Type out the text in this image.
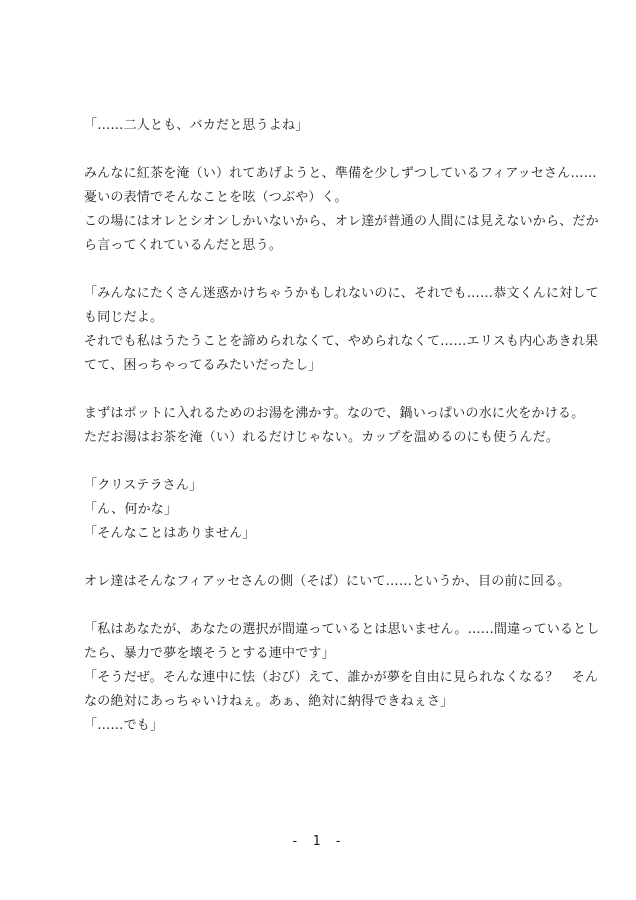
「……二人とも、バカだと思うよね」
みんなに紅茶を淹（い）れてあげようと、準備を少しずつしているフィアッセさん……
憂いの表情でそんなことを呟（つぶや）く。
この場にはオレとシオンしかいないから、オレ達が普通の人間には見えないから、だか
ら言ってくれているんだと思う。
「みんなにたくさん迷惑かけちゃうかもしれないのに、それでも……恭文くんに対して
も同じだよ。
それでも私はうたうことを諦められなくて、やめられなくて……エリスも内心あきれ果
てて、困っちゃってるみたいだったし」
まずはポットに入れるためのお湯を沸かす。なので、鍋いっぱいの水に火をかける。
ただお湯はお茶を淹（い）れるだけじゃない。カップを温めるのにも使うんだ。
「クリステラさん」
「ん、何かな」
「そんなことはありません」
オレ達はそんなフィアッセさんの側（そば）にいて……というか、目の前に回る。
「私はあなたが、あなたの選択が間違っているとは思いません。……間違っているとし
たら、暴力で夢を壊そうとする連中です」
「そうだぜ。そんな連中に怯（おび）えて、誰かが夢を自由に見られなくなる？　そん
なの絶対にあっちゃいけねぇ。あぁ、絶対に納得できねぇさ」
「……でも」
- 1 -
